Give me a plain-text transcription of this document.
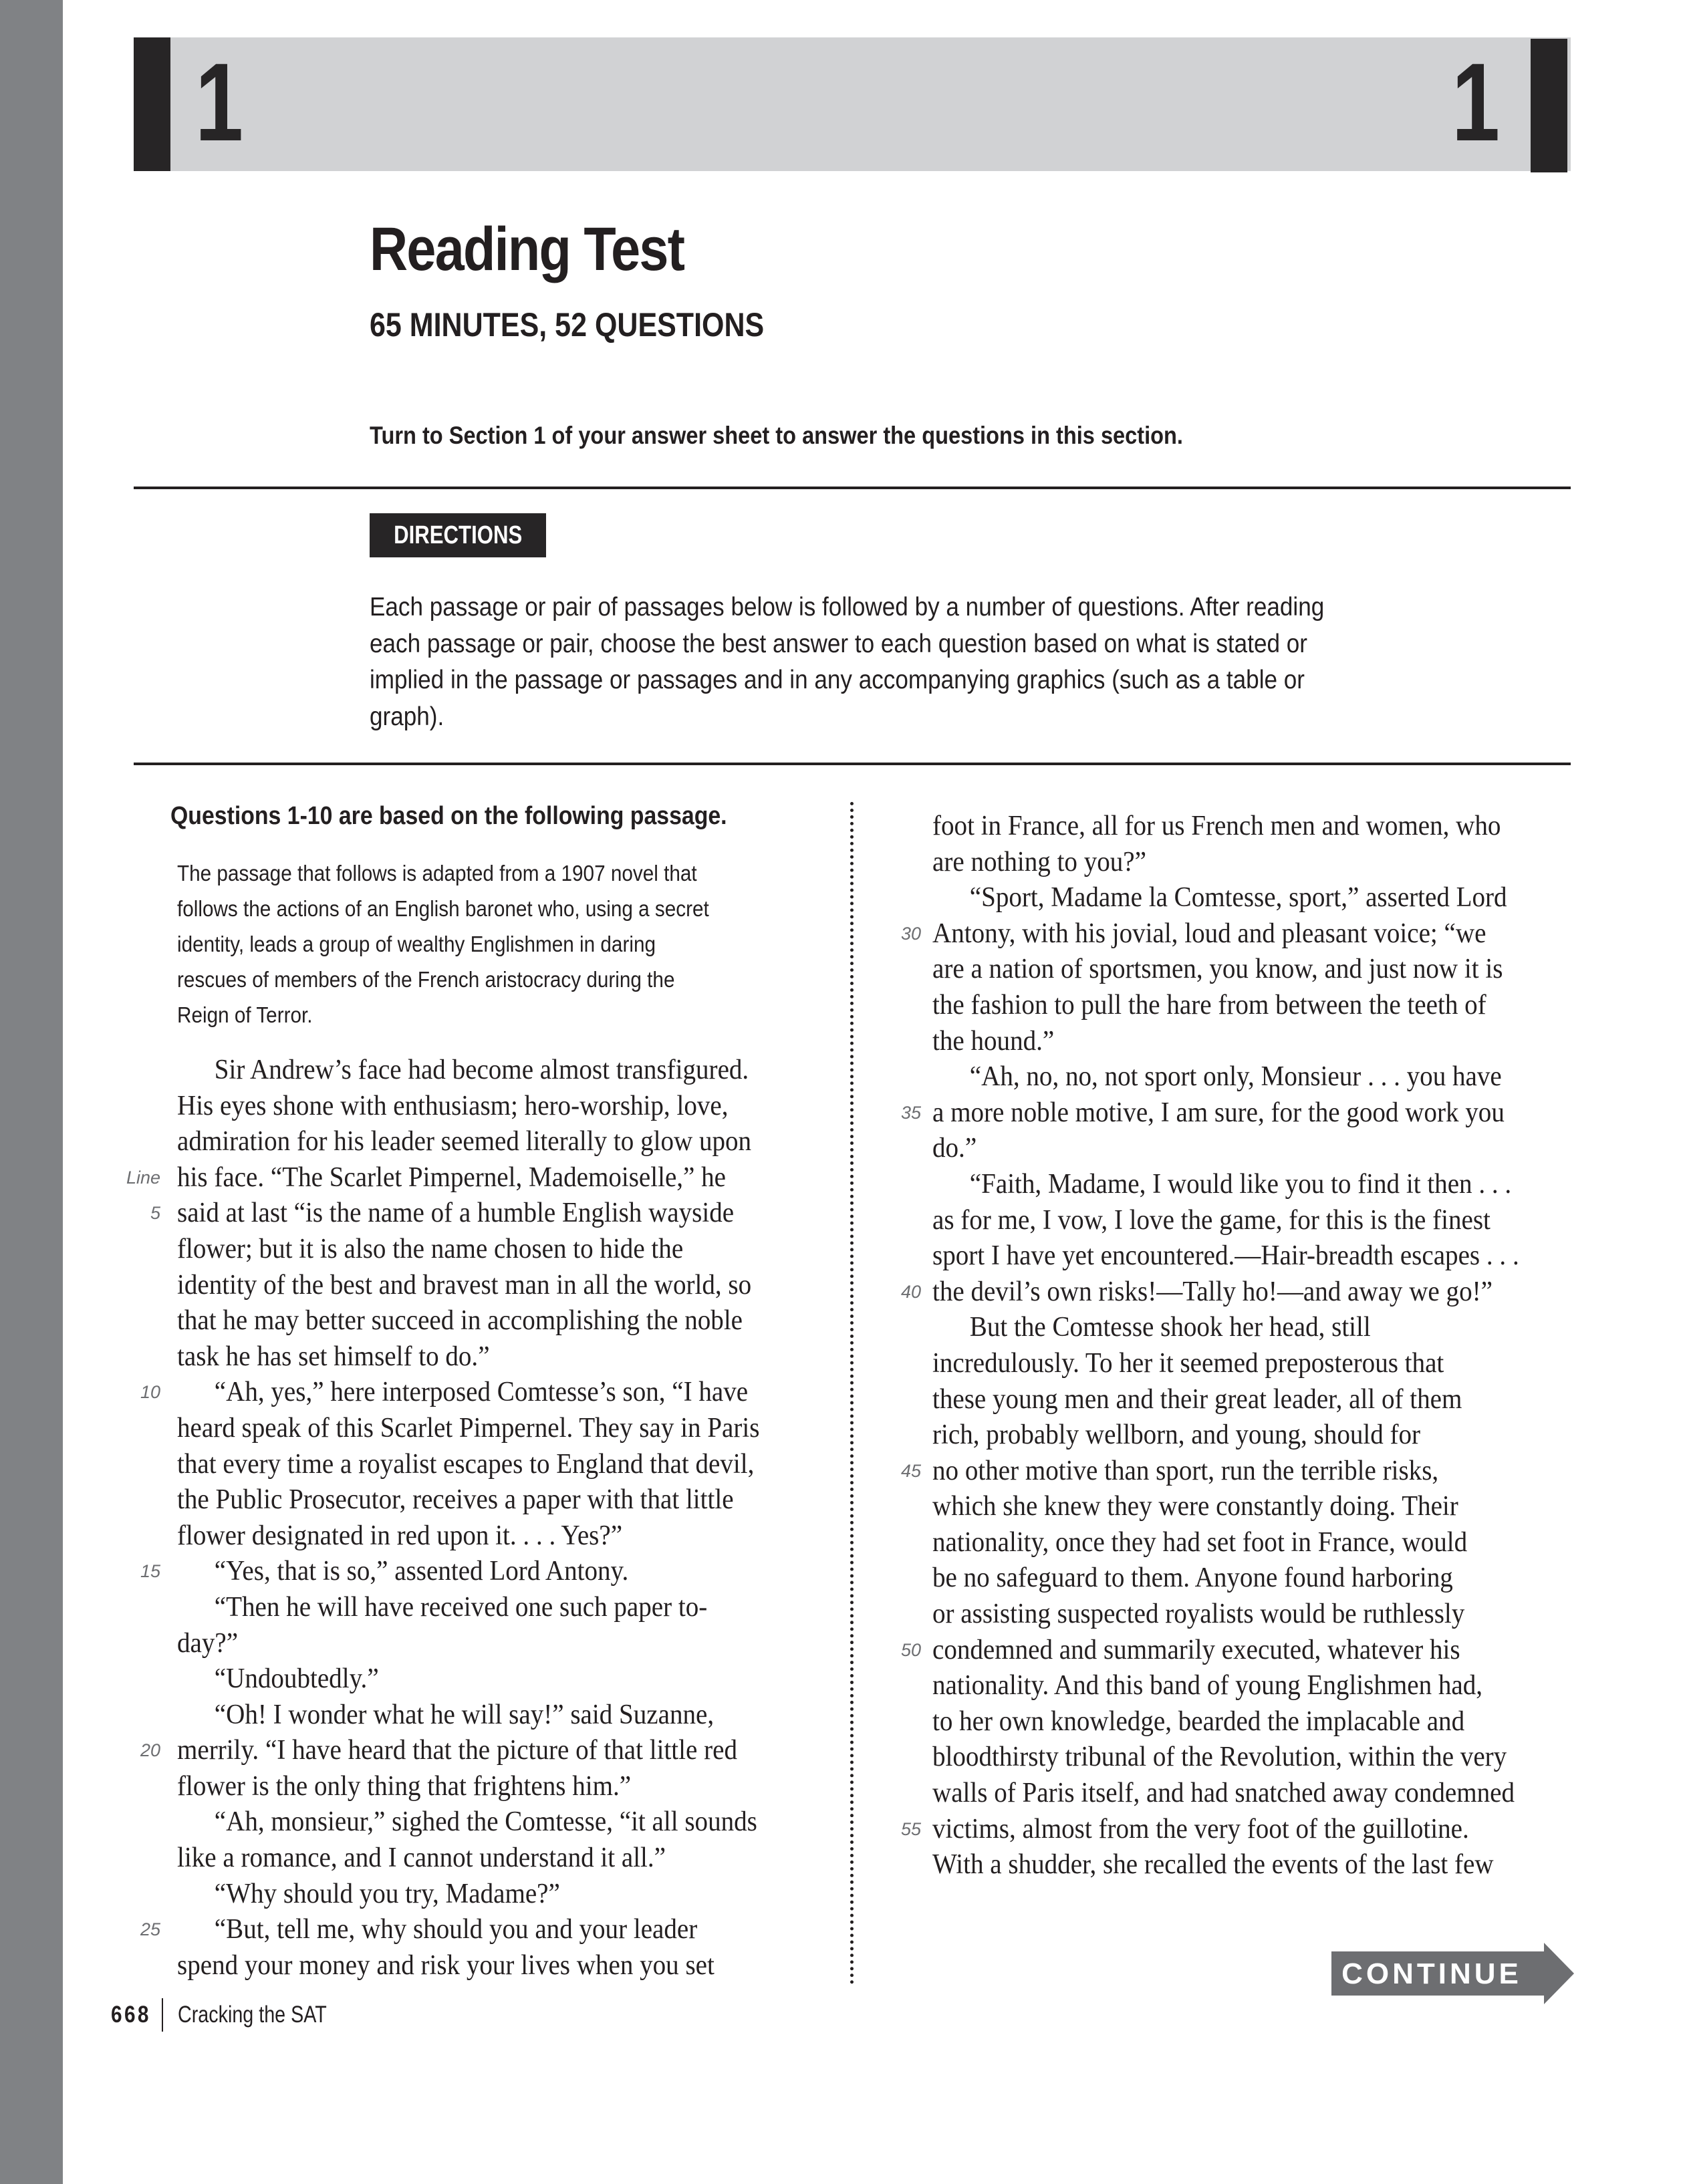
1	1
Reading Test
65 MINUTES, 52 QUESTIONS
Turn to Section 1 of your answer sheet to answer the questions in this section.
DIRECTIONS
Each passage or pair of passages below is followed by a number of questions. After reading
each passage or pair, choose the best answer to each question based on what is stated or
implied in the passage or passages and in any accompanying graphics (such as a table or
graph).
Questions 1-10 are based on the following passage.
The passage that follows is adapted from a 1907 novel that
follows the actions of an English baronet who, using a secret
identity, leads a group of wealthy Englishmen in daring
rescues of members of the French aristocracy during the
Reign of Terror.
Sir Andrew’s face had become almost transfigured.
His eyes shone with enthusiasm; hero-worship, love,
admiration for his leader seemed literally to glow upon
Line his face. “The Scarlet Pimpernel, Mademoiselle,” he
5 said at last “is the name of a humble English wayside
flower; but it is also the name chosen to hide the
identity of the best and bravest man in all the world, so
that he may better succeed in accomplishing the noble
task he has set himself to do.”
10	“Ah, yes,” here interposed Comtesse’s son, “I have
heard speak of this Scarlet Pimpernel. They say in Paris
that every time a royalist escapes to England that devil,
the Public Prosecutor, receives a paper with that little
flower designated in red upon it. . . . Yes?”
15	“Yes, that is so,” assented Lord Antony.
“Then he will have received one such paper to-
day?”
“Undoubtedly.”
“Oh! I wonder what he will say!” said Suzanne,
20 merrily. “I have heard that the picture of that little red
flower is the only thing that frightens him.”
“Ah, monsieur,” sighed the Comtesse, “it all sounds
like a romance, and I cannot understand it all.”
“Why should you try, Madame?”
25	“But, tell me, why should you and your leader
spend your money and risk your lives when you set
foot in France, all for us French men and women, who
are nothing to you?”
“Sport, Madame la Comtesse, sport,” asserted Lord
30 Antony, with his jovial, loud and pleasant voice; “we
are a nation of sportsmen, you know, and just now it is
the fashion to pull the hare from between the teeth of
the hound.”
“Ah, no, no, not sport only, Monsieur . . . you have
35 a more noble motive, I am sure, for the good work you
do.”
“Faith, Madame, I would like you to find it then . . .
as for me, I vow, I love the game, for this is the finest
sport I have yet encountered.—Hair-breadth escapes . . .
40 the devil’s own risks!—Tally ho!—and away we go!”
But the Comtesse shook her head, still
incredulously. To her it seemed preposterous that
these young men and their great leader, all of them
rich, probably wellborn, and young, should for
45 no other motive than sport, run the terrible risks,
which she knew they were constantly doing. Their
nationality, once they had set foot in France, would
be no safeguard to them. Anyone found harboring
or assisting suspected royalists would be ruthlessly
50 condemned and summarily executed, whatever his
nationality. And this band of young Englishmen had,
to her own knowledge, bearded the implacable and
bloodthirsty tribunal of the Revolution, within the very
walls of Paris itself, and had snatched away condemned
55 victims, almost from the very foot of the guillotine.
With a shudder, she recalled the events of the last few
668 Cracking the SAT
CONTINUE
